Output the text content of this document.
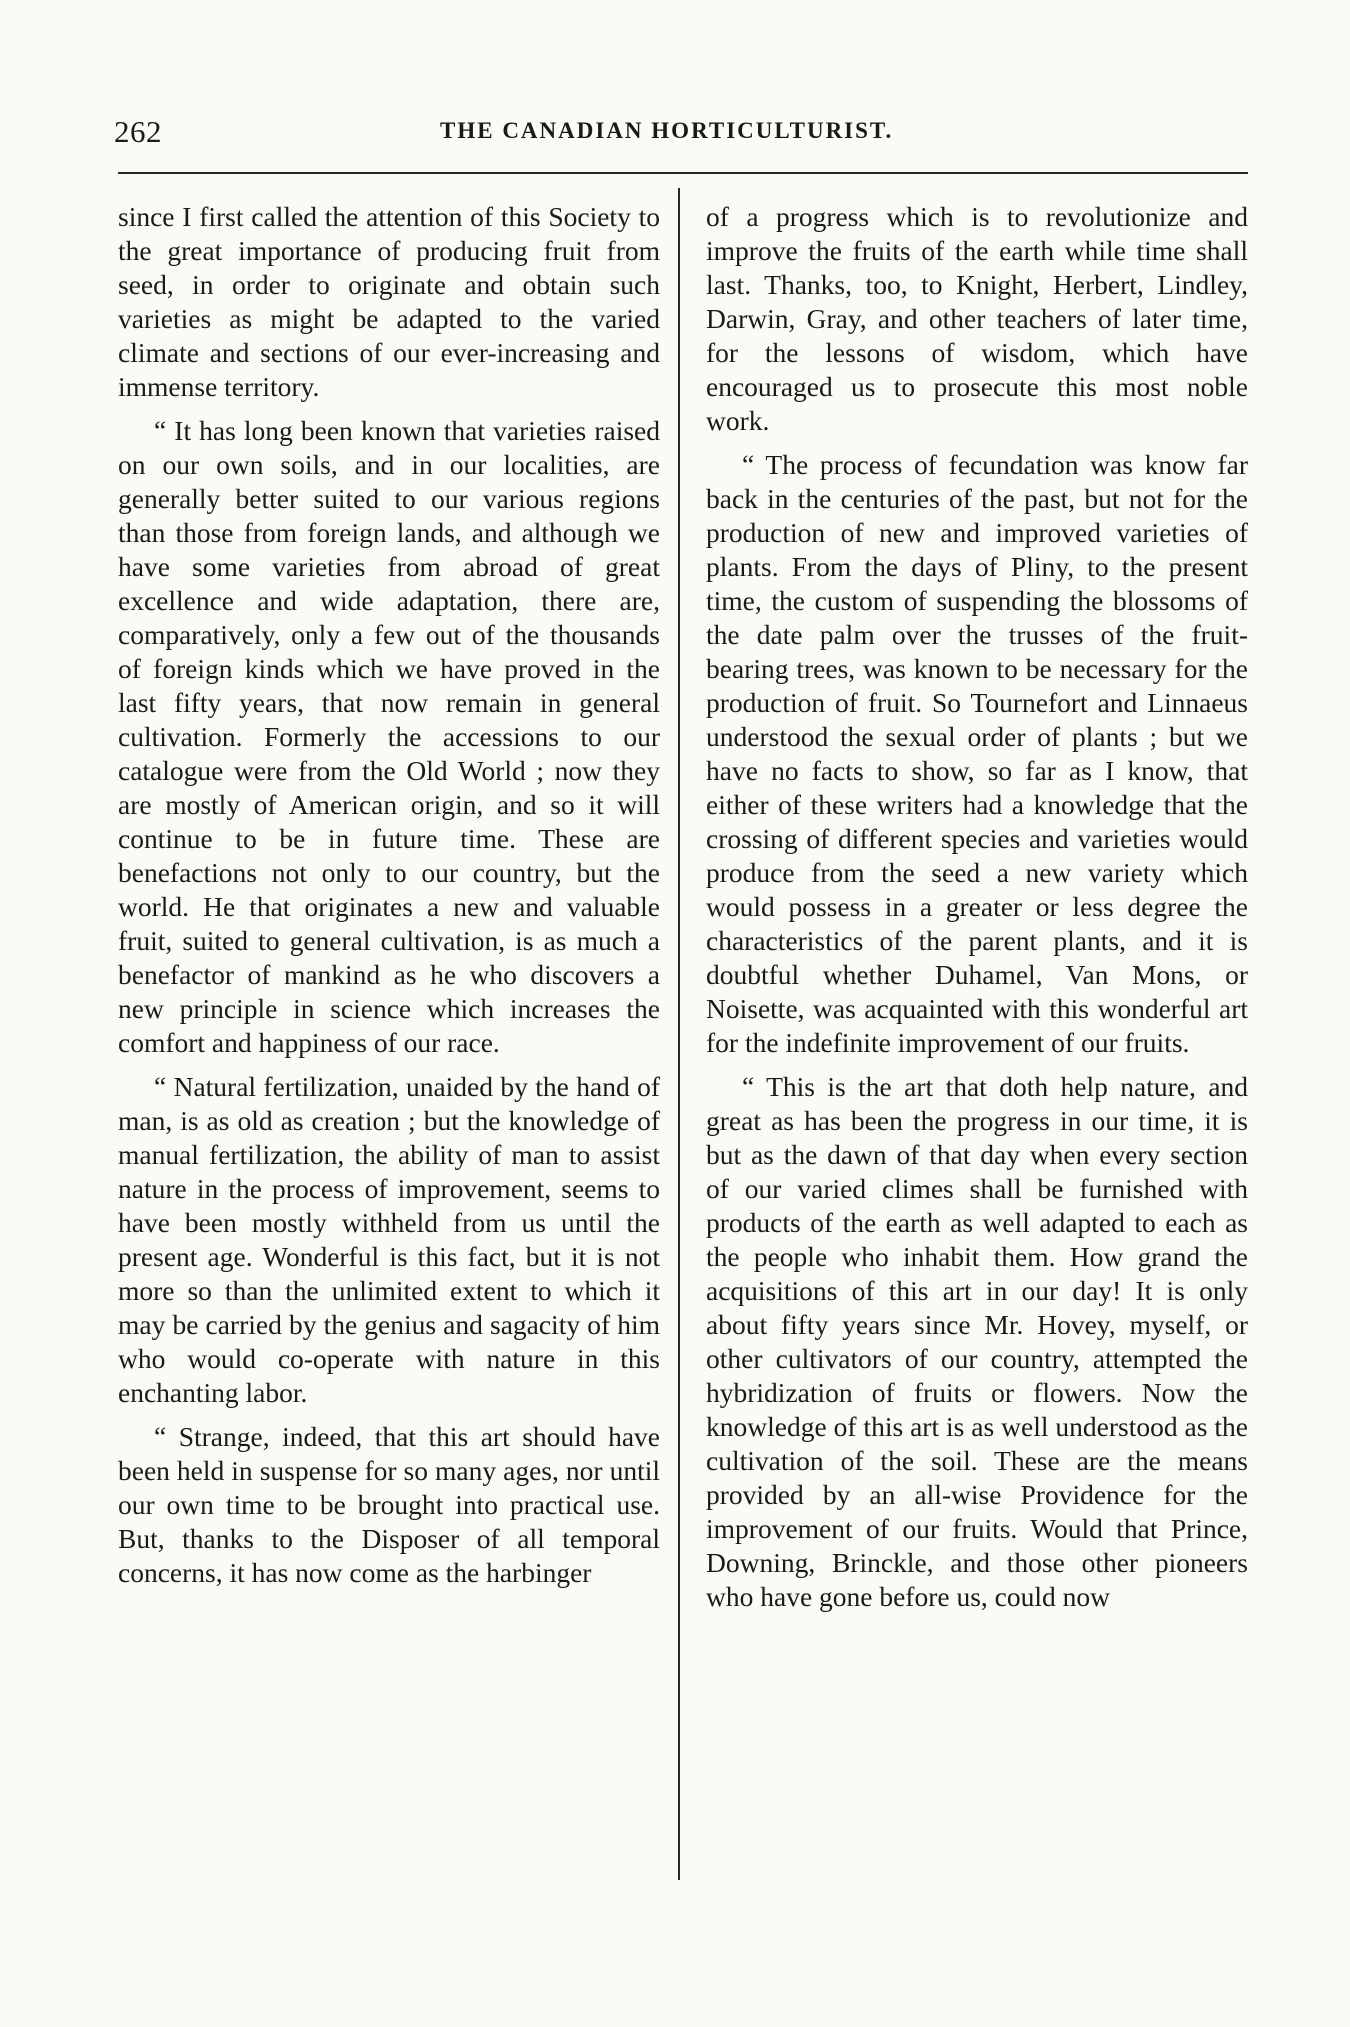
262	THE CANADIAN HORTICULTURIST.

since I first called the attention of this Society to the great importance of producing fruit from seed, in order to originate and obtain such varieties as might be adapted to the varied climate and sections of our ever-increasing and immense territory.

“ It has long been known that varieties raised on our own soils, and in our localities, are generally better suited to our various regions than those from foreign lands, and although we have some varieties from abroad of great excellence and wide adaptation, there are, comparatively, only a few out of the thousands of foreign kinds which we have proved in the last fifty years, that now remain in general cultivation. Formerly the accessions to our catalogue were from the Old World ; now they are mostly of American origin, and so it will continue to be in future time. These are benefactions not only to our country, but the world. He that originates a new and valuable fruit, suited to general cultivation, is as much a benefactor of mankind as he who discovers a new principle in science which increases the comfort and happiness of our race.

“ Natural fertilization, unaided by the hand of man, is as old as creation ; but the knowledge of manual fertilization, the ability of man to assist nature in the process of improvement, seems to have been mostly withheld from us until the present age. Wonderful is this fact, but it is not more so than the unlimited extent to which it may be carried by the genius and sagacity of him who would co-operate with nature in this enchanting labor.

“ Strange, indeed, that this art should have been held in suspense for so many ages, nor until our own time to be brought into practical use. But, thanks to the Disposer of all temporal concerns, it has now come as the harbinger

of a progress which is to revolutionize and improve the fruits of the earth while time shall last. Thanks, too, to Knight, Herbert, Lindley, Darwin, Gray, and other teachers of later time, for the lessons of wisdom, which have encouraged us to prosecute this most noble work.

“ The process of fecundation was know far back in the centuries of the past, but not for the production of new and improved varieties of plants. From the days of Pliny, to the present time, the custom of suspending the blossoms of the date palm over the trusses of the fruit-bearing trees, was known to be necessary for the production of fruit. So Tournefort and Linnaeus understood the sexual order of plants ; but we have no facts to show, so far as I know, that either of these writers had a knowledge that the crossing of different species and varieties would produce from the seed a new variety which would possess in a greater or less degree the characteristics of the parent plants, and it is doubtful whether Duhamel, Van Mons, or Noisette, was acquainted with this wonderful art for the indefinite improvement of our fruits.

“ This is the art that doth help nature, and great as has been the progress in our time, it is but as the dawn of that day when every section of our varied climes shall be furnished with products of the earth as well adapted to each as the people who inhabit them. How grand the acquisitions of this art in our day! It is only about fifty years since Mr. Hovey, myself, or other cultivators of our country, attempted the hybridization of fruits or flowers. Now the knowledge of this art is as well understood as the cultivation of the soil. These are the means provided by an all-wise Providence for the improvement of our fruits. Would that Prince, Downing, Brinckle, and those other pioneers who have gone before us, could now
